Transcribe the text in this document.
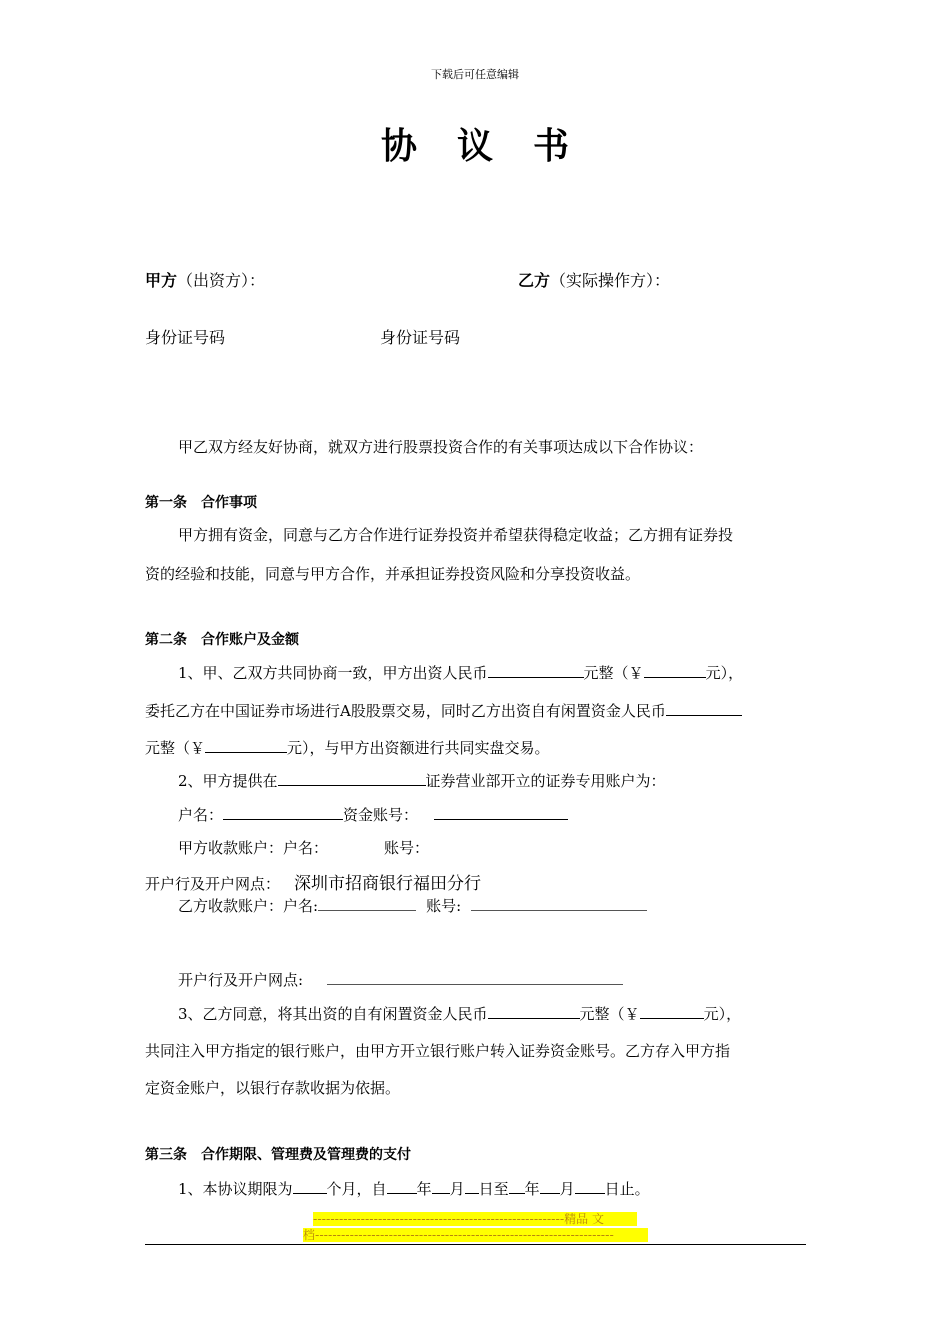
下载后可任意编辑
协 议 书
甲方（出资方）：	乙方（实际操作方）：
身份证号码	身份证号码
甲乙双方经友好协商，就双方进行股票投资合作的有关事项达成以下合作协议：
第一条　合作事项
甲方拥有资金，同意与乙方合作进行证券投资并希望获得稳定收益；乙方拥有证券投
资的经验和技能，同意与甲方合作，并承担证券投资风险和分享投资收益。
第二条　合作账户及金额
1、甲、乙双方共同协商一致，甲方出资人民币	元整（￥	元），
委托乙方在中国证券市场进行A股股票交易，同时乙方出资自有闲置资金人民币
元整（￥	元），与甲方出资额进行共同实盘交易。
2、甲方提供在	证券营业部开立的证券专用账户为：
户名：	资金账号：
甲方收款账户：户名：	账号：
开户行及开户网点： 深圳市招商银行福田分行
乙方收款账户：户名:	账号:
开户行及开户网点:
3、乙方同意，将其出资的自有闲置资金人民币	元整（￥	元），
共同注入甲方指定的银行账户，由甲方开立银行账户转入证券资金账号。乙方存入甲方指
定资金账户，以银行存款收据为依据。
第三条　合作期限、管理费及管理费的支付
1、本协议期限为 个月，自 年 月 日至 年 月 日止。
----------------------------------------------------------精品 文
档---------------------------------------------------------------------
